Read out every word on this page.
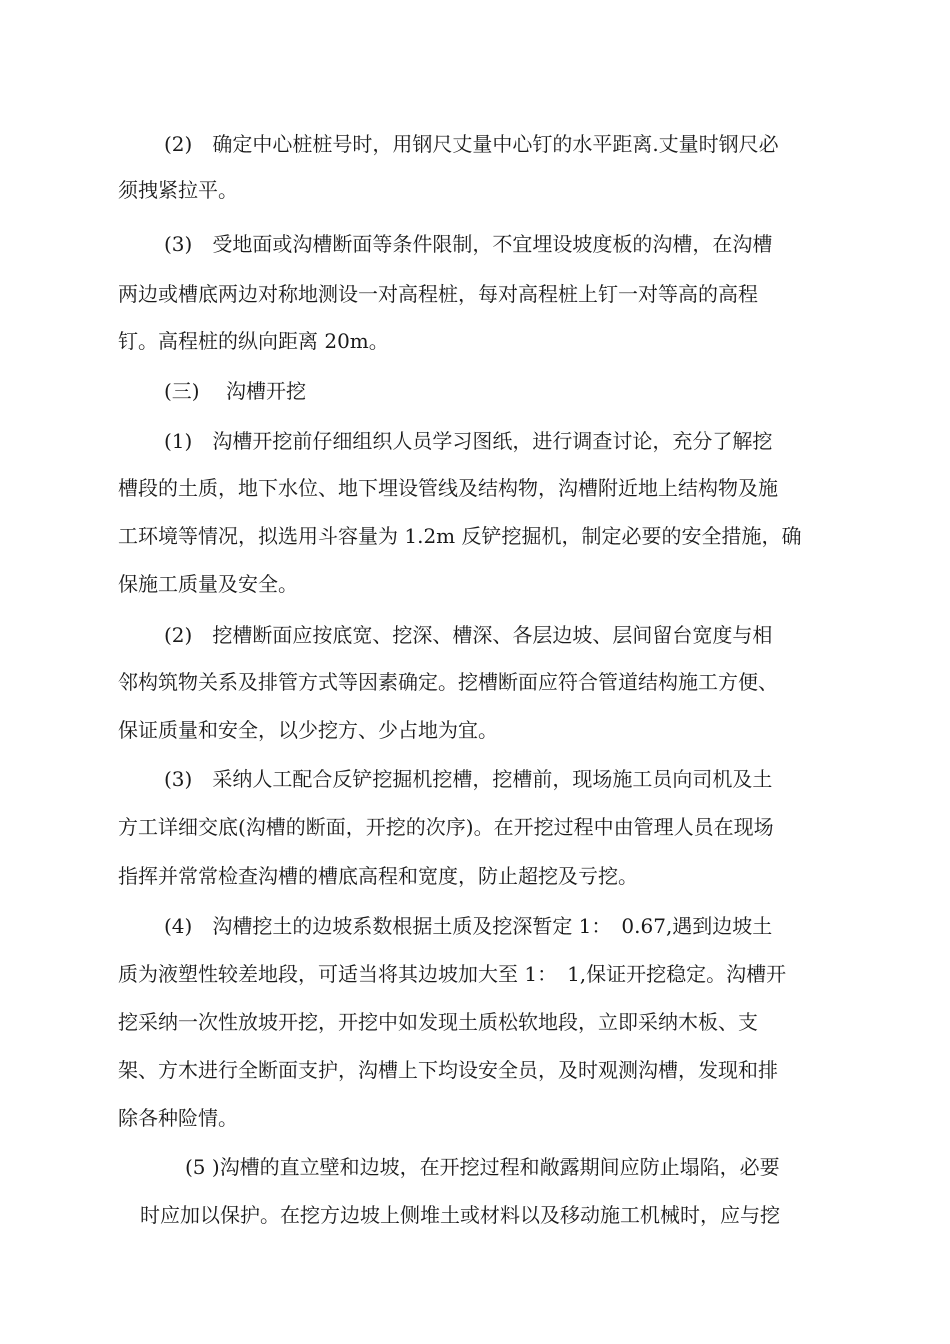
(2)　确定中心桩桩号时，用钢尺丈量中心钉的水平距离.丈量时钢尺必
须拽紧拉平。
(3)　受地面或沟槽断面等条件限制，不宜埋设坡度板的沟槽，在沟槽
两边或槽底两边对称地测设一对高程桩，每对高程桩上钉一对等高的高程
钉。高程桩的纵向距离 20m。
(三)　 沟槽开挖
(1)　沟槽开挖前仔细组织人员学习图纸，进行调查讨论，充分了解挖
槽段的土质，地下水位、地下埋设管线及结构物，沟槽附近地上结构物及施
工环境等情况，拟选用斗容量为 1.2m 反铲挖掘机，制定必要的安全措施，确
保施工质量及安全。
(2)　挖槽断面应按底宽、挖深、槽深、各层边坡、层间留台宽度与相
邻构筑物关系及排管方式等因素确定。挖槽断面应符合管道结构施工方便、
保证质量和安全，以少挖方、少占地为宜。
(3)　采纳人工配合反铲挖掘机挖槽，挖槽前，现场施工员向司机及土
方工详细交底(沟槽的断面，开挖的次序)。在开挖过程中由管理人员在现场
指挥并常常检查沟槽的槽底高程和宽度，防止超挖及亏挖。
(4)　沟槽挖土的边坡系数根据土质及挖深暂定 1：　0.67,遇到边坡土
质为液塑性较差地段，可适当将其边坡加大至 1：　1,保证开挖稳定。沟槽开
挖采纳一次性放坡开挖，开挖中如发现土质松软地段，立即采纳木板、支
架、方木进行全断面支护，沟槽上下均设安全员，及时观测沟槽，发现和排
除各种险情。
(5 )沟槽的直立壁和边坡，在开挖过程和敞露期间应防止塌陷，必要
时应加以保护。在挖方边坡上侧堆土或材料以及移动施工机械时，应与挖
